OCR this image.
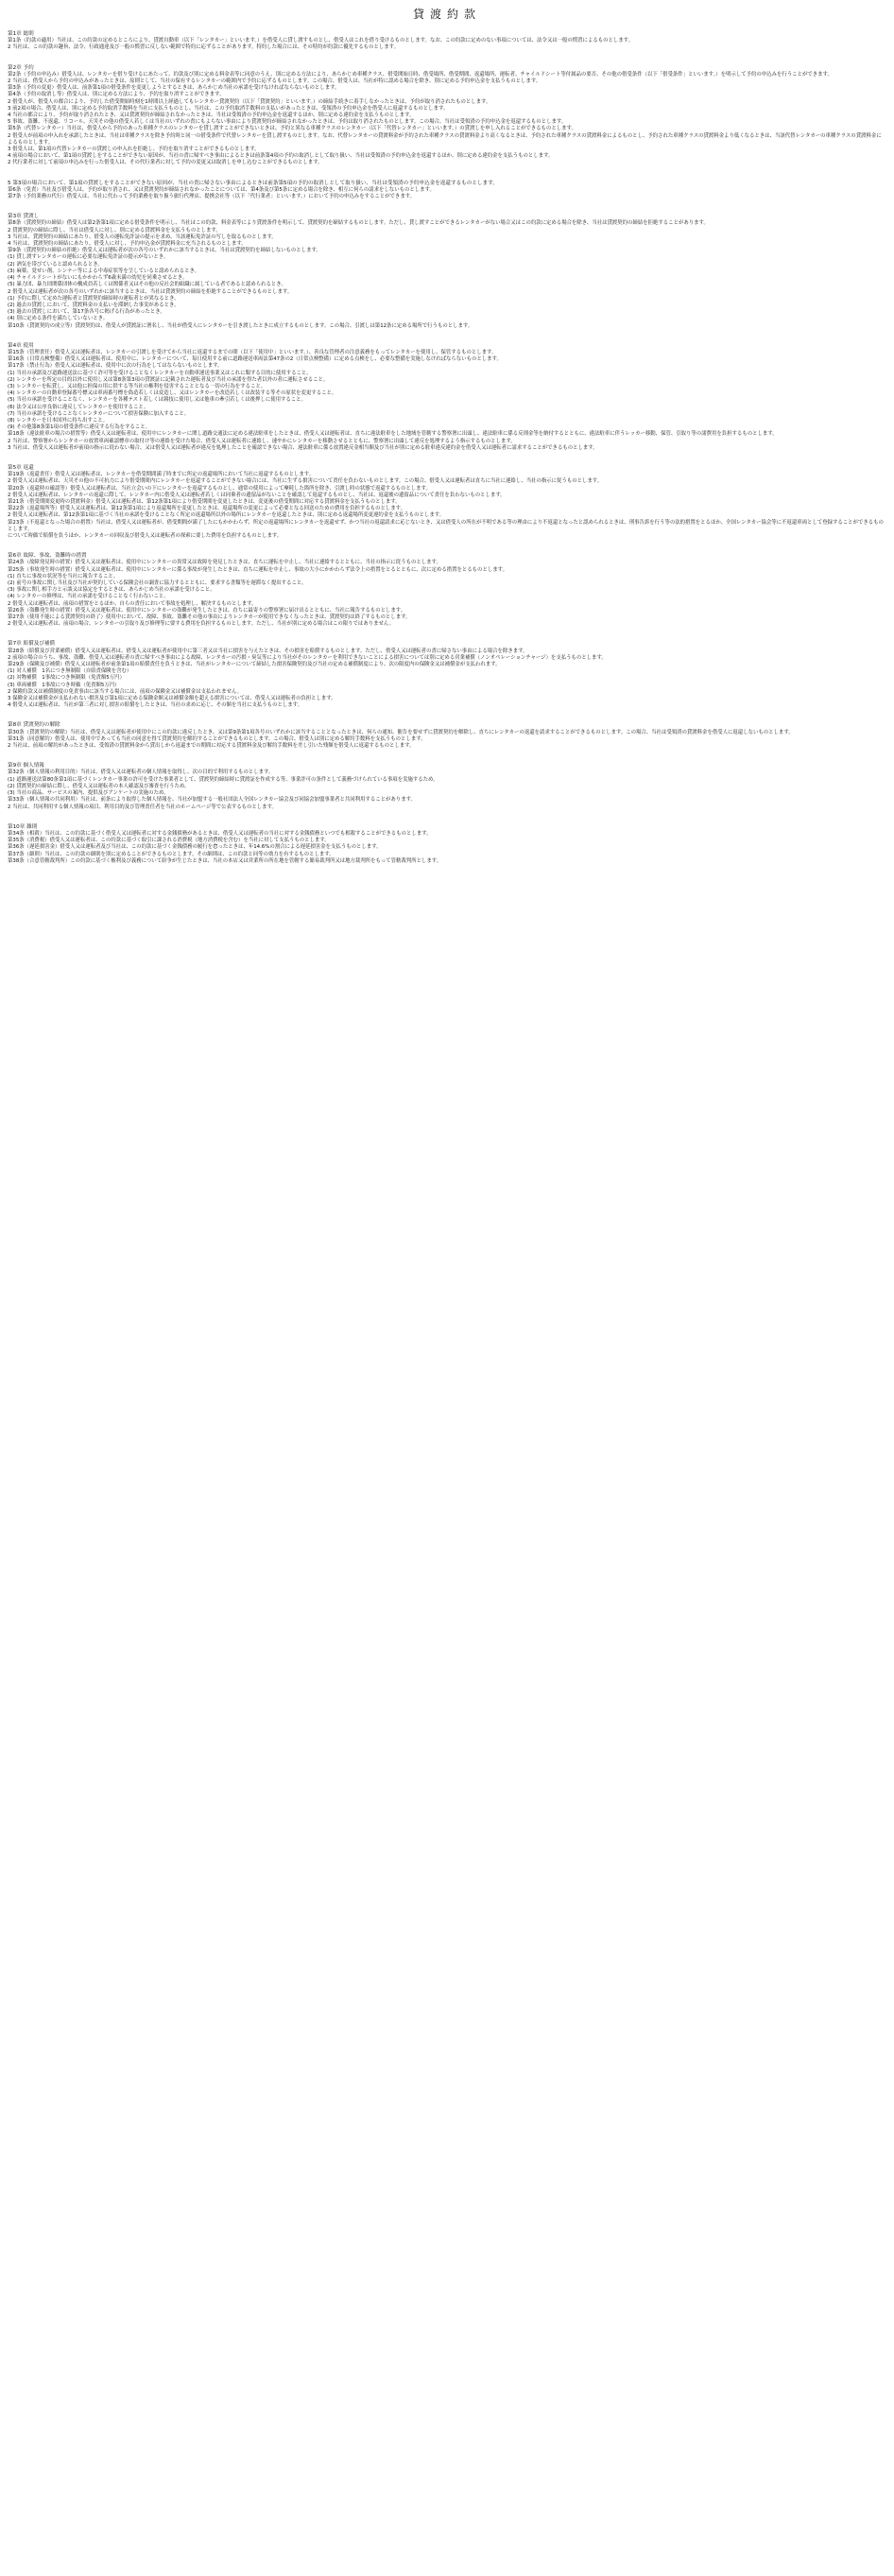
貸渡約款

第1章 総則

第1条（約款の適用）当社は、この約款の定めるところにより、貸渡自動車（以下「レンタカー」といいます。）を借受人に貸し渡すものとし、借受人はこれを借り受けるものとします。なお、この約款に定めのない事項については、法令又は一般の慣習によるものとします。

2 当社は、この約款の趣旨、法令、行政通達及び一般の慣習に反しない範囲で特約に応ずることがあります。特約した場合には、その特約が約款に優先するものとします。

第2章 予約

第2条（予約の申込み）借受人は、レンタカーを借り受けるにあたって、約款及び別に定める料金表等に同意のうえ、別に定める方法により、あらかじめ車種クラス、借受開始日時、借受場所、借受期間、返還場所、運転者、チャイルドシート等付属品の要否、その他の借受条件（以下「借受条件」といいます。）を明示して予約の申込みを行うことができます。

2 当社は、借受人から予約の申込みがあったときは、原則として、当社の保有するレンタカーの範囲内で予約に応ずるものとします。この場合、借受人は、当社が特に認める場合を除き、別に定める予約申込金を支払うものとします。

第3条（予約の変更）借受人は、前条第1項の借受条件を変更しようとするときは、あらかじめ当社の承諾を受けなければならないものとします。

第4条（予約の取消し等）借受人は、別に定める方法により、予約を取り消すことができます。

2 借受人が、借受人の都合により、予約した借受開始時刻を1時間以上経過してもレンタカー貸渡契約（以下「貸渡契約」といいます。）の締結手続きに着手しなかったときは、予約が取り消されたものとします。

3 前2項の場合、借受人は、別に定める予約取消手数料を当社に支払うものとし、当社は、この予約取消手数料の支払いがあったときは、受領済の予約申込金を借受人に返還するものとします。

4 当社の都合により、予約が取り消されたとき、又は貸渡契約が締結されなかったときは、当社は受領済の予約申込金を返還するほか、別に定める違約金を支払うものとします。

5 事故、盗難、不返還、リコール、天災その他の借受人若しくは当社のいずれの責にもよらない事由により貸渡契約が締結されなかったときは、予約は取り消されたものとします。この場合、当社は受領済の予約申込金を返還するものとします。

第5条（代替レンタカー）当社は、借受人から予約のあった車種クラスのレンタカーを貸し渡すことができないときは、予約と異なる車種クラスのレンタカー（以下「代替レンタカー」といいます。）の貸渡しを申し入れることができるものとします。

2 借受人が前項の申入れを承諾したときは、当社は車種クラスを除き予約時と同一の借受条件で代替レンタカーを貸し渡すものとします。なお、代替レンタカーの貸渡料金が予約された車種クラスの貸渡料金より高くなるときは、予約された車種クラスの貸渡料金によるものとし、予約された車種クラスの貸渡料金より低くなるときは、当該代替レンタカーの車種クラスの貸渡料金によるものとします。

3 借受人は、第1項の代替レンタカーの貸渡しの申入れを拒絶し、予約を取り消すことができるものとします。

4 前項の場合において、第1項の貸渡しをすることができない原因が、当社の責に帰すべき事由によるときは前条第4項の予約の取消しとして取り扱い、当社は受領済の予約申込金を返還するほか、別に定める違約金を支払うものとします。

2 代行業者に対して前項の申込みを行った借受人は、その代行業者に対して予約の変更又は取消しを申し込むことができるものとします。

5 第3項の場合において、第1項の貸渡しをすることができない原因が、当社の責に帰さない事由によるときは前条第5項の予約の取消しとして取り扱い、当社は受領済の予約申込金を返還するものとします。

第6条（免責）当社及び借受人は、予約が取り消され、又は貸渡契約が締結されなかったことについては、第4条及び第5条に定める場合を除き、相互に何らの請求をしないものとします。

第7条（予約業務の代行）借受人は、当社に代わって予約業務を取り扱う旅行代理店、提携会社等（以下「代行業者」といいます。）において予約の申込みをすることができます。

第3章 貸渡し

第8条（貸渡契約の締結）借受人は第2条第1項に定める借受条件を明示し、当社はこの約款、料金表等により貸渡条件を明示して、貸渡契約を締結するものとします。ただし、貸し渡すことができるレンタカーがない場合又はこの約款に定める場合を除き、当社は貸渡契約の締結を拒絶することがあります。

2 貸渡契約の締結に際し、当社は借受人に対し、別に定める貸渡料金を支払うものとします。

3 当社は、貸渡契約の締結にあたり、借受人の運転免許証の提示を求め、当該運転免許証の写しを取るものとします。

4 当社は、貸渡契約の締結にあたり、借受人に対し、予約申込金が貸渡料金に充当されるものとします。

第9条（貸渡契約の締結の拒絶）借受人又は運転者が次の各号のいずれかに該当するときは、当社は貸渡契約を締結しないものとします。

(1) 貸し渡すレンタカーの運転に必要な運転免許証の提示がないとき。

(2) 酒気を帯びていると認められるとき。

(3) 麻薬、覚せい剤、シンナー等による中毒症状等を呈していると認められるとき。

(4) チャイルドシートがないにもかかわらず6歳未満の幼児を同乗させるとき。

(5) 暴力団、暴力団関係団体の構成員若しくは関係者又はその他の反社会的組織に属している者であると認められるとき。

2 借受人又は運転者が次の各号のいずれかに該当するときは、当社は貸渡契約の締結を拒絶することができるものとします。

(1) 予約に際して定めた運転者と貸渡契約締結時の運転者とが異なるとき。

(2) 過去の貸渡しにおいて、貸渡料金の支払いを滞納した事実があるとき。

(3) 過去の貸渡しにおいて、第17条各号に掲げる行為があったとき。

(4) 別に定める条件を満たしていないとき。

第10条（貸渡契約の成立等）貸渡契約は、借受人が貸渡証に署名し、当社が借受人にレンタカーを引き渡したときに成立するものとします。この場合、引渡しは第12条に定める場所で行うものとします。

第4章 使用

第15条（管理責任）借受人又は運転者は、レンタカーの引渡しを受けてから当社に返還するまでの間（以下「使用中」といいます。）、善良な管理者の注意義務をもってレンタカーを使用し、保管するものとします。

第16条（日常点検整備）借受人又は運転者は、使用中に、レンタカーについて、毎日使用する前に道路運送車両法第47条の2（日常点検整備）に定める点検をし、必要な整備を実施しなければならないものとします。

第17条（禁止行為）借受人又は運転者は、使用中に次の行為をしてはならないものとします。

(1) 当社の承諾及び道路運送法に基づく許可等を受けることなくレンタカーを自動車運送事業又はこれに類する目的に使用すること。

(2) レンタカーを所定の目的以外に使用し又は第8条第3項の貸渡証に記載された運転者及び当社の承諾を得た者以外の者に運転させること。

(3) レンタカーを転貸し、又は他に担保の用に供する等当社の権利を侵害することとなる一切の行為をすること。

(4) レンタカーの自動車登録番号標又は車両番号標を偽造若しくは変造し、又はレンタカーを改造若しくは改装する等その原状を変更すること。

(5) 当社の承諾を受けることなく、レンタカーを各種テスト若しくは競技に使用し又は他車の牽引若しくは後押しに使用すること。

(6) 法令又は公序良俗に違反してレンタカーを使用すること。

(7) 当社の承諾を受けることなくレンタカーについて損害保険に加入すること。

(8) レンタカーを日本国外に持ち出すこと。

(9) その他第8条第1項の借受条件に違反する行為をすること。

第18条（違法駐車の場合の措置等）借受人又は運転者は、使用中にレンタカーに関し道路交通法に定める違法駐車をしたときは、借受人又は運転者は、直ちに違法駐車をした地域を管轄する警察署に出頭し、違法駐車に係る反則金等を納付するとともに、違法駐車に伴うレッカー移動、保管、引取り等の諸費用を負担するものとします。

2 当社は、警察署からレンタカーの放置車両確認標章の取付け等の連絡を受けた場合、借受人又は運転者に連絡し、速やかにレンタカーを移動させるとともに、警察署に出頭して違反を処理するよう指示するものとします。

3 当社は、借受人又は運転者が前項の指示に従わない場合、又は借受人又は運転者が違反を処理したことを確認できない場合、違法駐車に係る放置違反金相当額及び当社が別に定める駐車違反違約金を借受人又は運転者に請求することができるものとします。

第5章 返還

第19条（返還責任）借受人又は運転者は、レンタカーを借受期間満了時までに所定の返還場所において当社に返還するものとします。

2 借受人又は運転者は、天災その他の不可抗力により借受期間内にレンタカーを返還することができない場合には、当社に生ずる損害について責任を負わないものとします。この場合、借受人又は運転者は直ちに当社に連絡し、当社の指示に従うものとします。

第20条（返還時の確認等）借受人又は運転者は、当社立会いの下にレンタカーを返還するものとし、通常の使用によって摩耗した箇所を除き、引渡し時の状態で返還するものとします。

2 借受人又は運転者は、レンタカーの返還に際して、レンタカー内に借受人又は運転者若しくは同乗者の遺留品がないことを確認して返還するものとし、当社は、返還後の遺留品について責任を負わないものとします。

第21条（借受期間変更時の貸渡料金）借受人又は運転者は、第12条第1項により借受期間を変更したときは、変更後の借受期間に対応する貸渡料金を支払うものとします。

第22条（返還場所等）借受人又は運転者は、第12条第1項により返還場所を変更したときは、返還場所の変更によって必要となる回送のための費用を負担するものとします。

2 借受人又は運転者は、第12条第1項に基づく当社の承諾を受けることなく所定の返還場所以外の場所にレンタカーを返還したときは、別に定める返還場所変更違約金を支払うものとします。

第23条（不返還となった場合の措置）当社は、借受人又は運転者が、借受期間が満了したにもかかわらず、所定の返還場所にレンタカーを返還せず、かつ当社の返還請求に応じないとき、又は借受人の所在が不明である等の理由により不返還となったと認められるときは、刑事告訴を行う等の法的措置をとるほか、全国レンタカー協会等に不返還車両として登録することができるものとします。

について時価で賠償を負うほか、レンタカーの回収及び借受人又は運転者の探索に要した費用を負担するものとします。

第6章 故障、事故、盗難時の措置

第24条（故障発見時の措置）借受人又は運転者は、使用中にレンタカーの異常又は故障を発見したときは、直ちに運転を中止し、当社に連絡するとともに、当社の指示に従うものとします。

第25条（事故発生時の措置）借受人又は運転者は、使用中にレンタカーに係る事故が発生したときは、直ちに運転を中止し、事故の大小にかかわらず法令上の措置をとるとともに、次に定める措置をとるものとします。

(1) 直ちに事故の状況等を当社に報告すること。

(2) 前号の事故に関し当社及び当社が契約している保険会社の調査に協力するとともに、要求する書類等を遅滞なく提出すること。

(3) 事故に関し相手方と示談又は協定をするときは、あらかじめ当社の承諾を受けること。

(4) レンタカーの修理は、当社の承諾を受けることなく行わないこと。

2 借受人又は運転者は、前項の措置をとるほか、自らの責任において事故を処理し、解決するものとします。

第26条（盗難発生時の措置）借受人又は運転者は、使用中にレンタカーの盗難が発生したときは、直ちに最寄りの警察署に届け出るとともに、当社に報告するものとします。

第27条（使用不能による貸渡契約の終了）使用中において、故障、事故、盗難その他の事由によりレンタカーが使用できなくなったときは、貸渡契約は終了するものとします。

2 借受人又は運転者は、前項の場合、レンタカーの引取り及び修理等に要する費用を負担するものとします。ただし、当社が別に定める場合はこの限りではありません。

第7章 賠償及び補償

第28条（賠償及び営業補償）借受人又は運転者は、借受人又は運転者が使用中に第三者又は当社に損害を与えたときは、その損害を賠償するものとします。ただし、借受人又は運転者の責に帰さない事由による場合を除きます。

2 前項の場合のうち、事故、盗難、借受人又は運転者の責に帰すべき事由による故障、レンタカーの汚損・臭気等により当社がそのレンタカーを利用できないことによる損害については別に定める営業補償（ノンオペレーションチャージ）を支払うものとします。

第29条（保険及び補償）借受人又は運転者が前条第1項の賠償責任を負うときは、当社がレンタカーについて締結した損害保険契約及び当社の定める補償制度により、次の限度内の保険金又は補償金が支払われます。

(1) 対人補償　1名につき無制限（自賠責保険を含む）

(2) 対物補償　1事故につき無制限（免責額5万円）

(3) 車両補償　1事故につき時価（免責額5万円）

2 保険約款又は補償制度の免責事由に該当する場合には、前項の保険金又は補償金は支払われません。

3 保険金又は補償金が支払われない損害及び第1項に定める保険金額又は補償金額を超える損害については、借受人又は運転者の負担とします。

4 借受人又は運転者は、当社が第三者に対し損害の賠償をしたときは、当社の求めに応じ、その額を当社に支払うものとします。

第8章 貸渡契約の解除

第30条（貸渡契約の解除）当社は、借受人又は運転者が使用中にこの約款に違反したとき、又は第9条第1項各号のいずれかに該当することとなったときは、何らの通知、催告を要せずに貸渡契約を解除し、直ちにレンタカーの返還を請求することができるものとします。この場合、当社は受領済の貸渡料金を借受人に返還しないものとします。

第31条（同意解約）借受人は、使用中であっても当社の同意を得て貸渡契約を解約することができるものとします。この場合、借受人は別に定める解約手数料を支払うものとします。

2 当社は、前項の解約があったときは、受領済の貸渡料金から貸出しから返還までの期間に対応する貸渡料金及び解約手数料を差し引いた残額を借受人に返還するものとします。

第9章 個人情報

第32条（個人情報の利用目的）当社は、借受人又は運転者の個人情報を取得し、次の目的で利用するものとします。

(1) 道路運送法第80条第1項に基づくレンタカー事業の許可を受けた事業者として、貸渡契約締結時に貸渡証を作成する等、事業許可の条件として義務づけられている事項を実施するため。

(2) 貸渡契約の締結に際し、借受人又は運転者の本人確認及び審査を行うため。

(3) 当社の商品、サービスの案内、提供及びアンケートの実施のため。

第33条（個人情報の共同利用）当社は、前条により取得した個人情報を、当社が加盟する一般社団法人全国レンタカー協会及び同協会加盟事業者と共同利用することがあります。

2 当社は、共同利用する個人情報の項目、利用目的及び管理責任者を当社のホームページ等で公表するものとします。

第10章 雑則

第34条（相殺）当社は、この約款に基づく借受人又は運転者に対する金銭債務があるときは、借受人又は運転者の当社に対する金銭債務といつでも相殺することができるものとします。

第35条（消費税）借受人又は運転者は、この約款に基づく取引に課される消費税（地方消費税を含む）を当社に対して支払うものとします。

第36条（遅延損害金）借受人又は運転者及び当社は、この約款に基づく金銭債務の履行を怠ったときは、年14.6%の割合による遅延損害金を支払うものとします。

第37条（細則）当社は、この約款の細則を別に定めることができるものとします。その細則は、この約款と同等の効力を有するものとします。

第38条（合意管轄裁判所）この約款に基づく権利及び義務について紛争が生じたときは、当社の本店又は営業所の所在地を管轄する簡易裁判所又は地方裁判所をもって管轄裁判所とします。
